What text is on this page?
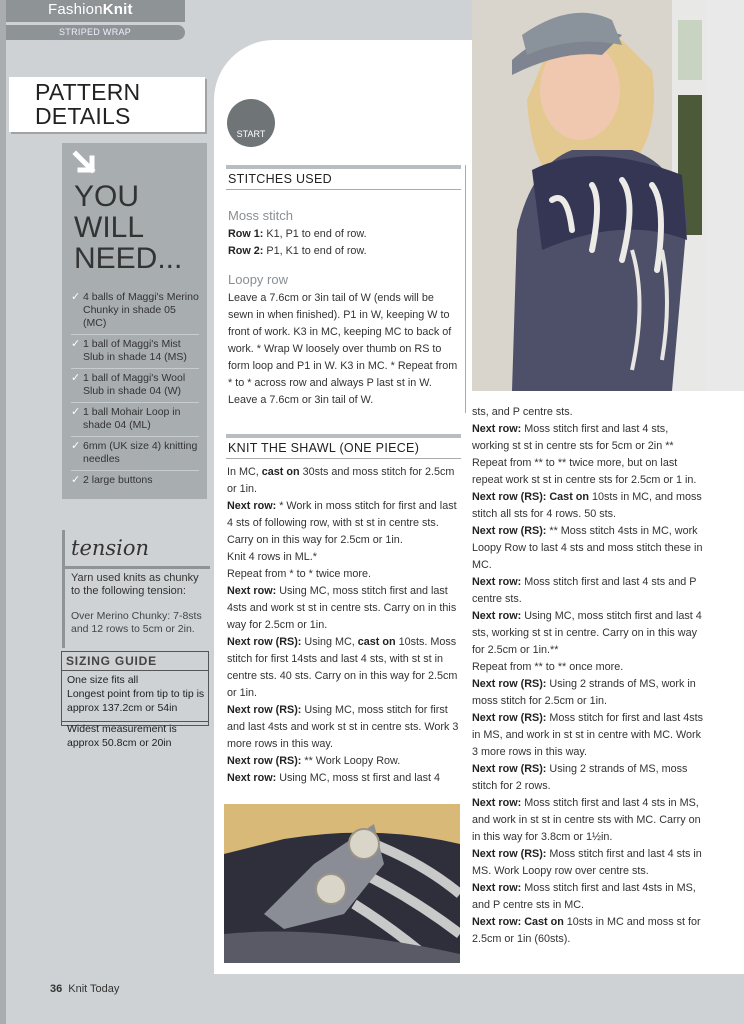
FashionKnit
STRIPED WRAP
PATTERN
DETAILS
YOU
WILL
NEED...
✓ 4 balls of Maggi's Merino Chunky in shade 05 (MC)
✓ 1 ball of Maggi's Mist Slub in shade 14 (MS)
✓ 1 ball of Maggi's Wool Slub in shade 04 (W)
✓ 1 ball Mohair Loop in shade 04 (ML)
✓ 6mm (UK size 4) knitting needles
✓ 2 large buttons
tension
Yarn used knits as chunky to the following tension:
Over Merino Chunky: 7-8sts and 12 rows to 5cm or 2in.
SIZING GUIDE
One size fits all
Longest point from tip to tip is approx 137.2cm or 54in
Widest measurement is approx 50.8cm or 20in
START

HERE!
STITCHES USED

Moss stitch

Row 1: K1, P1 to end of row.

Row 2: P1, K1 to end of row.

Loopy row

Leave a 7.6cm or 3in tail of W (ends will be sewn in when finished). P1 in W, keeping W to front of work. K3 in MC, keeping MC to back of work. * Wrap W loosely over thumb on RS to form loop and P1 in W. K3 in MC. * Repeat from * to * across row and always P last st in W. Leave a 7.6cm or 3in tail of W.

KNIT THE SHAWL (ONE PIECE)

In MC, cast on 30sts and moss stitch for 2.5cm or 1in.

Next row: * Work in moss stitch for first and last 4 sts of following row, with st st in centre sts. Carry on in this way for 2.5cm or 1in.

Knit 4 rows in ML.*

Repeat from * to * twice more.

Next row: Using MC, moss stitch first and last 4sts and work st st in centre sts. Carry on in this way for 2.5cm or 1in.

Next row (RS): Using MC, cast on 10sts. Moss stitch for first 14sts and last 4 sts, with st st in centre sts. 40 sts. Carry on in this way for 2.5cm or 1in.

Next row (RS): Using MC, moss stitch for first and last 4sts and work st st in centre sts. Work 3 more rows in this way.

Next row (RS): ** Work Loopy Row.

Next row: Using MC, moss st first and last 4

sts, and P centre sts.

Next row: Moss stitch first and last 4 sts, working st st in centre sts for 5cm or 2in **

Repeat from ** to ** twice more, but on last repeat work st st in centre sts for 2.5cm or 1 in.

Next row (RS): Cast on 10sts in MC, and moss stitch all sts for 4 rows. 50 sts.

Next row (RS): ** Moss stitch 4sts in MC, work Loopy Row to last 4 sts and moss stitch these in MC.

Next row: Moss stitch first and last 4 sts and P centre sts.

Next row: Using MC, moss stitch first and last 4 sts, working st st in centre. Carry on in this way for 2.5cm or 1in.**

Repeat from ** to ** once more.

Next row (RS): Using 2 strands of MS, work in moss stitch for 2.5cm or 1in.

Next row (RS): Moss stitch for first and last 4sts in MS, and work in st st in centre with MC. Work 3 more rows in this way.

Next row (RS): Using 2 strands of MS, moss stitch for 2 rows.

Next row: Moss stitch first and last 4 sts in MS, and work in st st in centre sts with MC. Carry on in this way for 3.8cm or 1½in.

Next row (RS): Moss stitch first and last 4 sts in MS. Work Loopy row over centre sts.

Next row: Moss stitch first and last 4sts in MS, and P centre sts in MC.

Next row: Cast on 10sts in MC and moss st for 2.5cm or 1in (60sts).

36 Knit Today
